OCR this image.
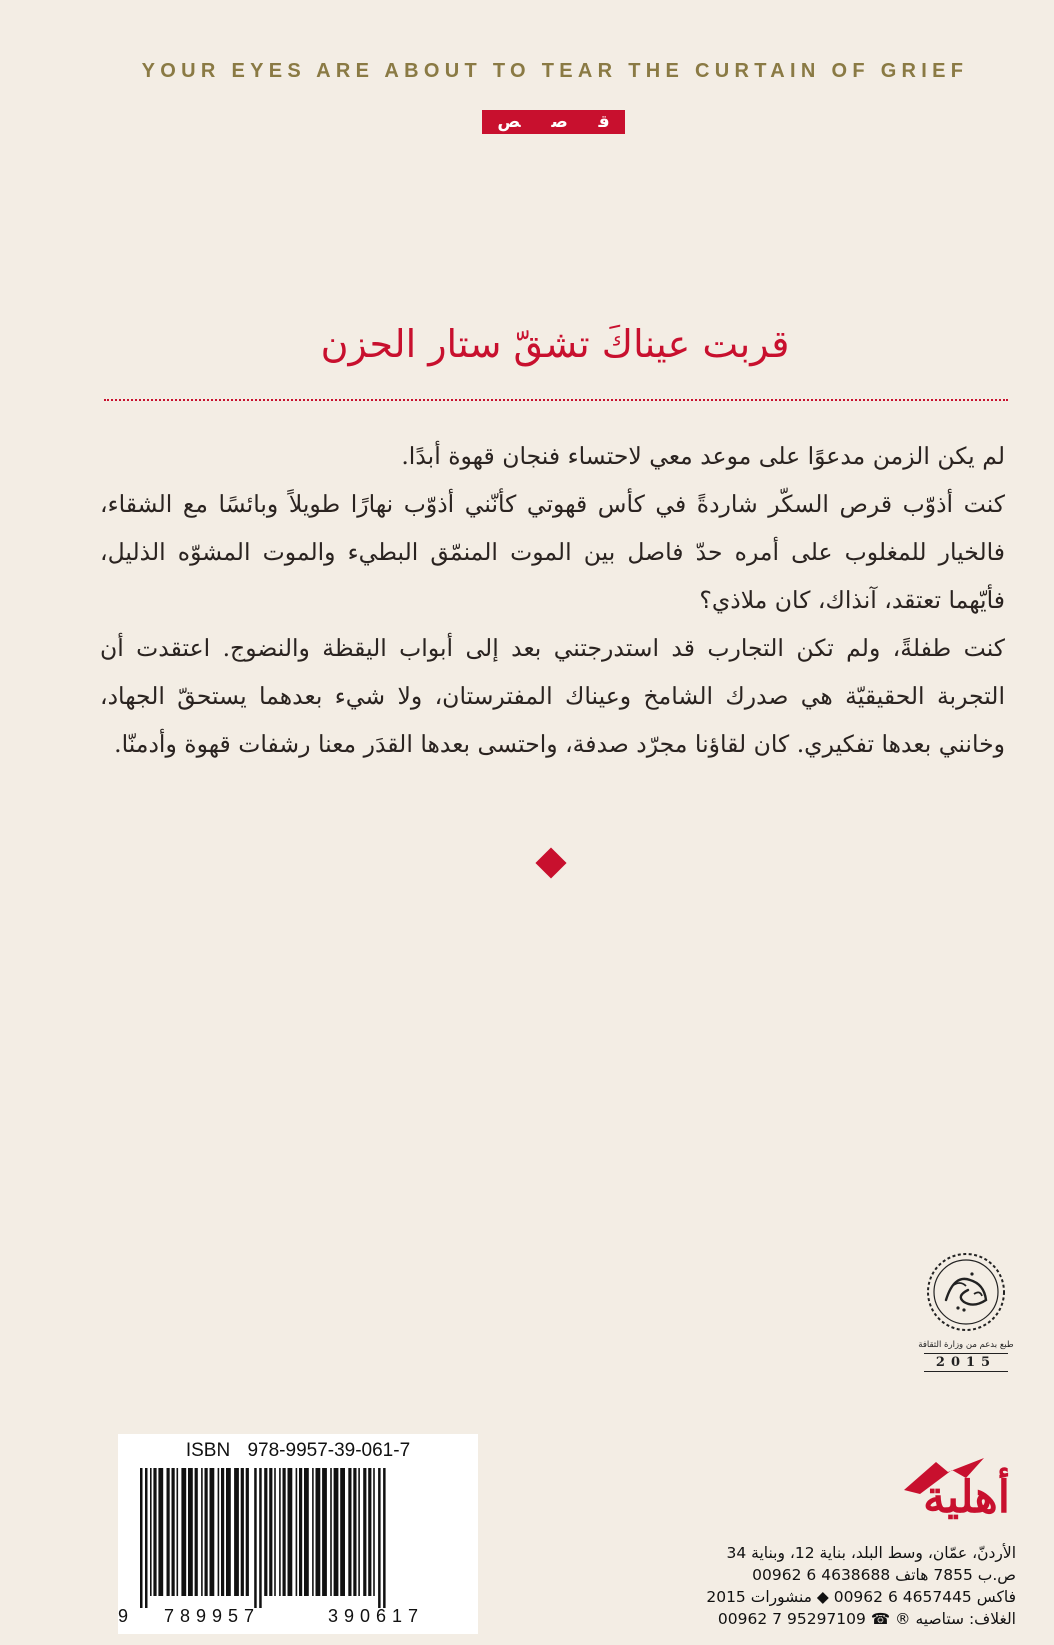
YOUR EYES ARE ABOUT TO TEAR THE CURTAIN OF GRIEF
ﻗ
ﺻ
ﺺ
قربت عيناكَ تشقّ ستار الحزن

لم يكن الزمن مدعوًا على موعد معي لاحتساء فنجان قهوة أبدًا.

كنت أذوّب قرص السكّر شاردةً في كأس قهوتي كأنّني أذوّب نهارًا طويلاً وبائسًا مع الشقاء، فالخيار للمغلوب على أمره حدّ فاصل بين الموت المنمّق البطيء والموت المشوّه الذليل، فأيّهما تعتقد، آنذاك، كان ملاذي؟

كنت طفلةً، ولم تكن التجارب قد استدرجتني بعد إلى أبواب اليقظة والنضوج. اعتقدت أن التجربة الحقيقيّة هي صدرك الشامخ وعيناك المفترستان، ولا شيء بعدهما يستحقّ الجهاد، وخانني بعدها تفكيري. كان لقاؤنا مجرّد صدفة، واحتسى بعدها القدَر معنا رشفات قهوة وأدمنّا.

طبع بدعم من وزارة الثقافة
2015
ISBN 978-9957-39-061-7
9 789957	390617
أهلية
الأردنّ، عمّان، وسط البلد، بناية 12، وبناية 34
ص.ب 7855 هاتف 4638688 6 00962
فاكس 4657445 6 00962 ◆ منشورات 2015
الغلاف: ستاصيه ® ☎ 95297109 7 00962
